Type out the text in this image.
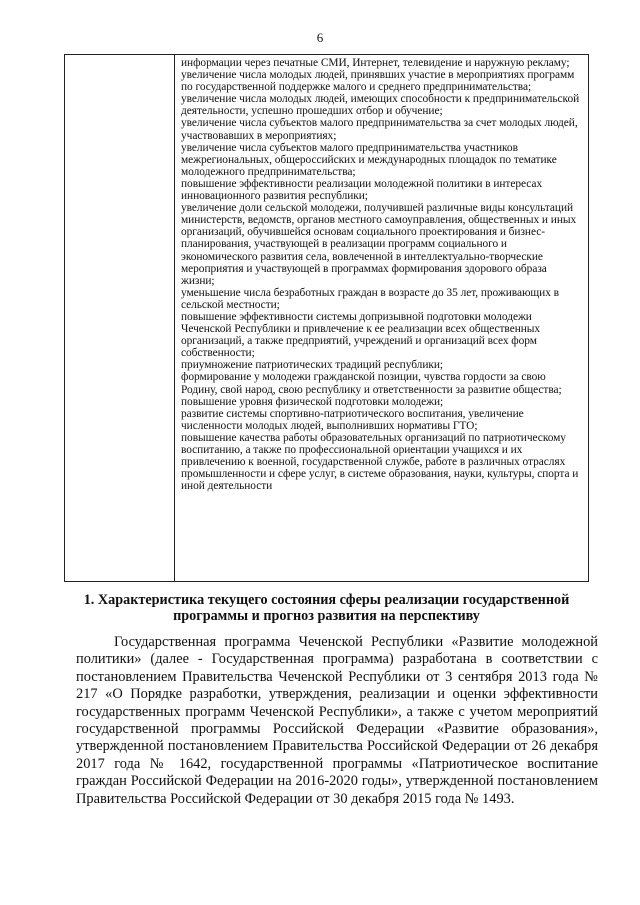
6
информации через печатные СМИ, Интернет, телевидение и наружную рекламу;
увеличение числа молодых людей, принявших участие в мероприятиях программ по государственной поддержке малого и среднего предпринимательства;
увеличение числа молодых людей, имеющих способности к предпринимательской деятельности, успешно прошедших отбор и обучение;
увеличение числа субъектов малого предпринимательства за счет молодых людей, участвовавших в мероприятиях;
увеличение числа субъектов малого предпринимательства участников межрегиональных, общероссийских и международных площадок по тематике молодежного предпринимательства;
повышение эффективности реализации молодежной политики в интересах инновационного развития республики;
увеличение доли сельской молодежи, получившей различные виды консультаций министерств, ведомств, органов местного самоуправления, общественных и иных организаций, обучившейся основам социального проектирования и бизнес-планирования, участвующей в реализации программ социального и экономического развития села, вовлеченной в интеллектуально-творческие мероприятия и участвующей в программах формирования здорового образа жизни;
уменьшение числа безработных граждан в возрасте до 35 лет, проживающих в сельской местности;
повышение эффективности системы допризывной подготовки молодежи Чеченской Республики и привлечение к ее реализации всех общественных организаций, а также предприятий, учреждений и организаций всех форм собственности;
приумножение патриотических традиций республики;
формирование у молодежи гражданской позиции, чувства гордости за свою Родину, свой народ, свою республику и ответственности за развитие общества;
повышение уровня физической подготовки молодежи;
развитие системы спортивно-патриотического воспитания, увеличение численности молодых людей, выполнивших нормативы ГТО;
повышение качества работы образовательных организаций по патриотическому воспитанию, а также по профессиональной ориентации учащихся и их привлечению к военной, государственной службе, работе в различных отраслях промышленности и сфере услуг, в системе образования, науки, культуры, спорта и иной деятельности
1. Характеристика текущего состояния сферы реализации государственной программы и прогноз развития на перспективу

Государственная программа Чеченской Республики «Развитие молодежной политики» (далее - Государственная программа) разработана в соответствии с постановлением Правительства Чеченской Республики от 3 сентября 2013 года № 217 «О Порядке разработки, утверждения, реализации и оценки эффективности государственных программ Чеченской Республики», а также с учетом мероприятий государственной программы Российской Федерации «Развитие образования», утвержденной постановлением Правительства Российской Федерации от 26 декабря 2017 года № 1642, государственной программы «Патриотическое воспитание граждан Российской Федерации на 2016-2020 годы», утвержденной постановлением Правительства Российской Федерации от 30 декабря 2015 года № 1493.
